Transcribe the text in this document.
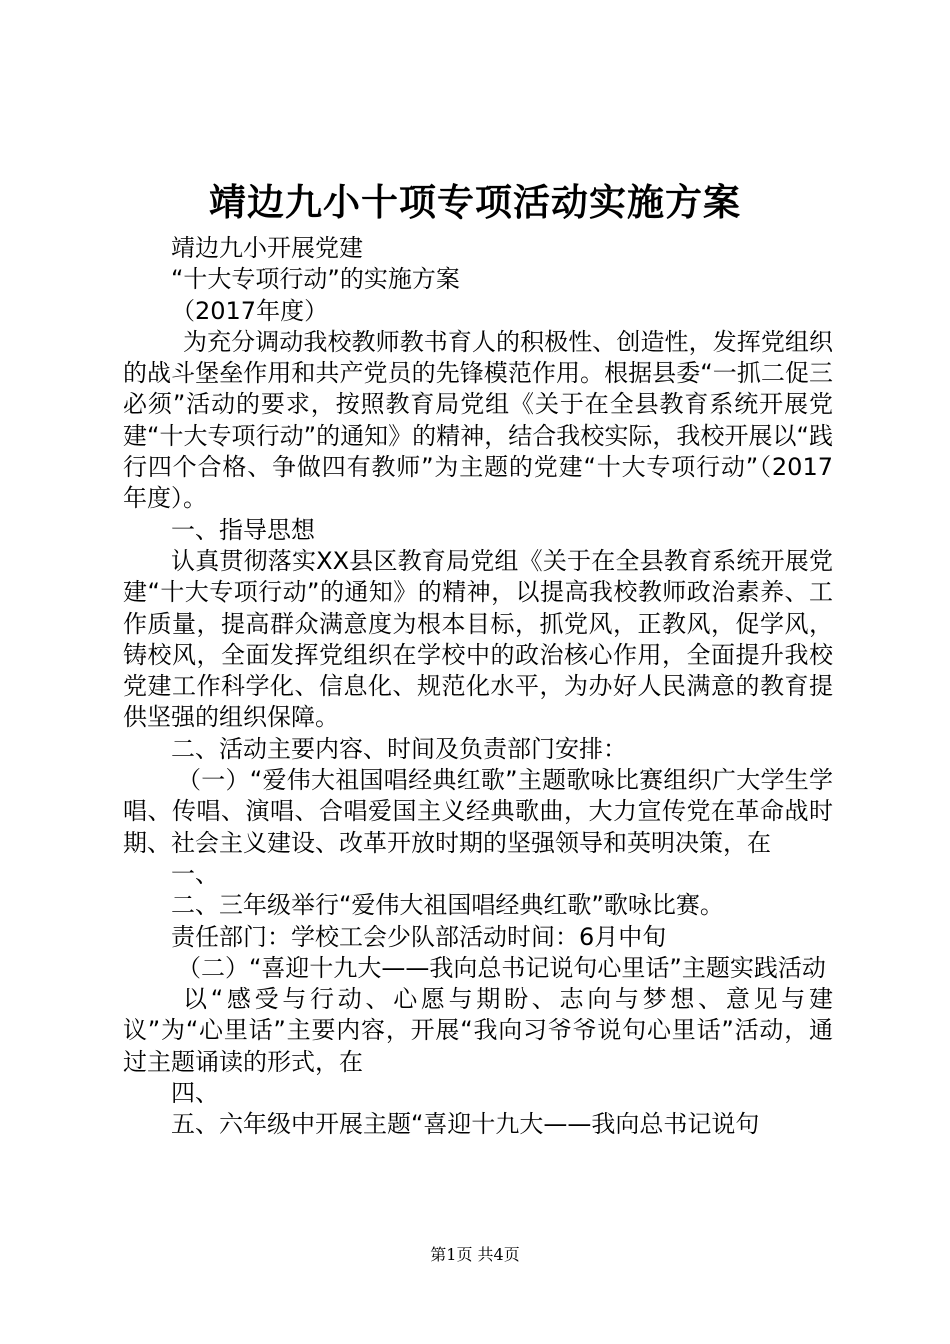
靖边九小十项专项活动实施方案

靖边九小开展党建

“十大专项行动”的实施方案

（2017年度）

为充分调动我校教师教书育人的积极性、创造性，发挥党组织的战斗堡垒作用和共产党员的先锋模范作用。根据县委“一抓二促三必须”活动的要求，按照教育局党组《关于在全县教育系统开展党建“十大专项行动”的通知》的精神，结合我校实际，我校开展以“践行四个合格、争做四有教师”为主题的党建“十大专项行动”（2017年度）。

一、指导思想

认真贯彻落实XX县区教育局党组《关于在全县教育系统开展党建“十大专项行动”的通知》的精神，以提高我校教师政治素养、工作质量，提高群众满意度为根本目标，抓党风，正教风，促学风，铸校风，全面发挥党组织在学校中的政治核心作用，全面提升我校党建工作科学化、信息化、规范化水平，为办好人民满意的教育提供坚强的组织保障。

二、活动主要内容、时间及负责部门安排：

（一）“爱伟大祖国唱经典红歌”主题歌咏比赛组织广大学生学唱、传唱、演唱、合唱爱国主义经典歌曲，大力宣传党在革命战时期、社会主义建设、改革开放时期的坚强领导和英明决策，在

一、

二、三年级举行“爱伟大祖国唱经典红歌”歌咏比赛。

责任部门：学校工会少队部活动时间：6月中旬

（二）“喜迎十九大——我向总书记说句心里话”主题实践活动

以“感受与行动、心愿与期盼、志向与梦想、意见与建议”为“心里话”主要内容，开展“我向习爷爷说句心里话”活动，通过主题诵读的形式，在

四、

五、六年级中开展主题“喜迎十九大——我向总书记说句

第1页 共4页
